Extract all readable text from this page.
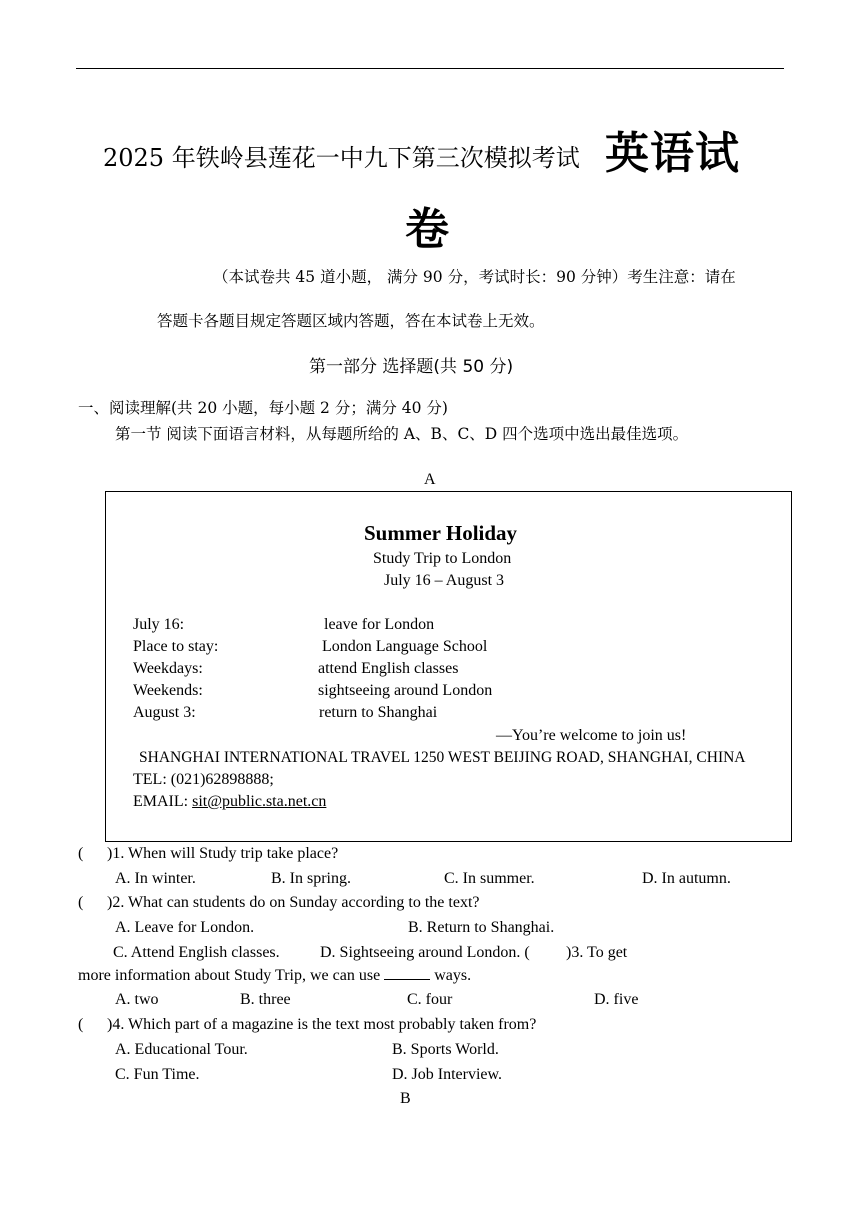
2025 年铁岭县莲花一中九下第三次模拟考试 英语试
卷
（本试卷共 45 道小题， 满分 90 分，考试时长：90 分钟）考生注意：请在
答题卡各题目规定答题区域内答题，答在本试卷上无效。
第一部分 选择题(共 50 分)
一、阅读理解(共 20 小题，每小题 2 分；满分 40 分)
第一节 阅读下面语言材料，从每题所给的 A、B、C、D 四个选项中选出最佳选项。
A
Summer Holiday
Study Trip to London
July 16 – August 3
July 16:	leave for London
Place to stay:	London Language School
Weekdays:	attend English classes
Weekends:	sightseeing around London
August 3:	return to Shanghai
—You’re welcome to join us!
SHANGHAI INTERNATIONAL TRAVEL 1250 WEST BEIJING ROAD, SHANGHAI, CHINA
TEL: (021)62898888;
EMAIL: sit@public.sta.net.cn
( )1. When will Study trip take place?
A. In winter.	B. In spring.	C. In summer.	D. In autumn.
( )2. What can students do on Sunday according to the text?
A. Leave for London.	B. Return to Shanghai.
C. Attend English classes.	D. Sightseeing around London. ( )3. To get
more information about Study Trip, we can use	ways.
A. two	B. three	C. four	D. five
( )4. Which part of a magazine is the text most probably taken from?
A. Educational Tour.	B. Sports World.
C. Fun Time.	D. Job Interview.
B
